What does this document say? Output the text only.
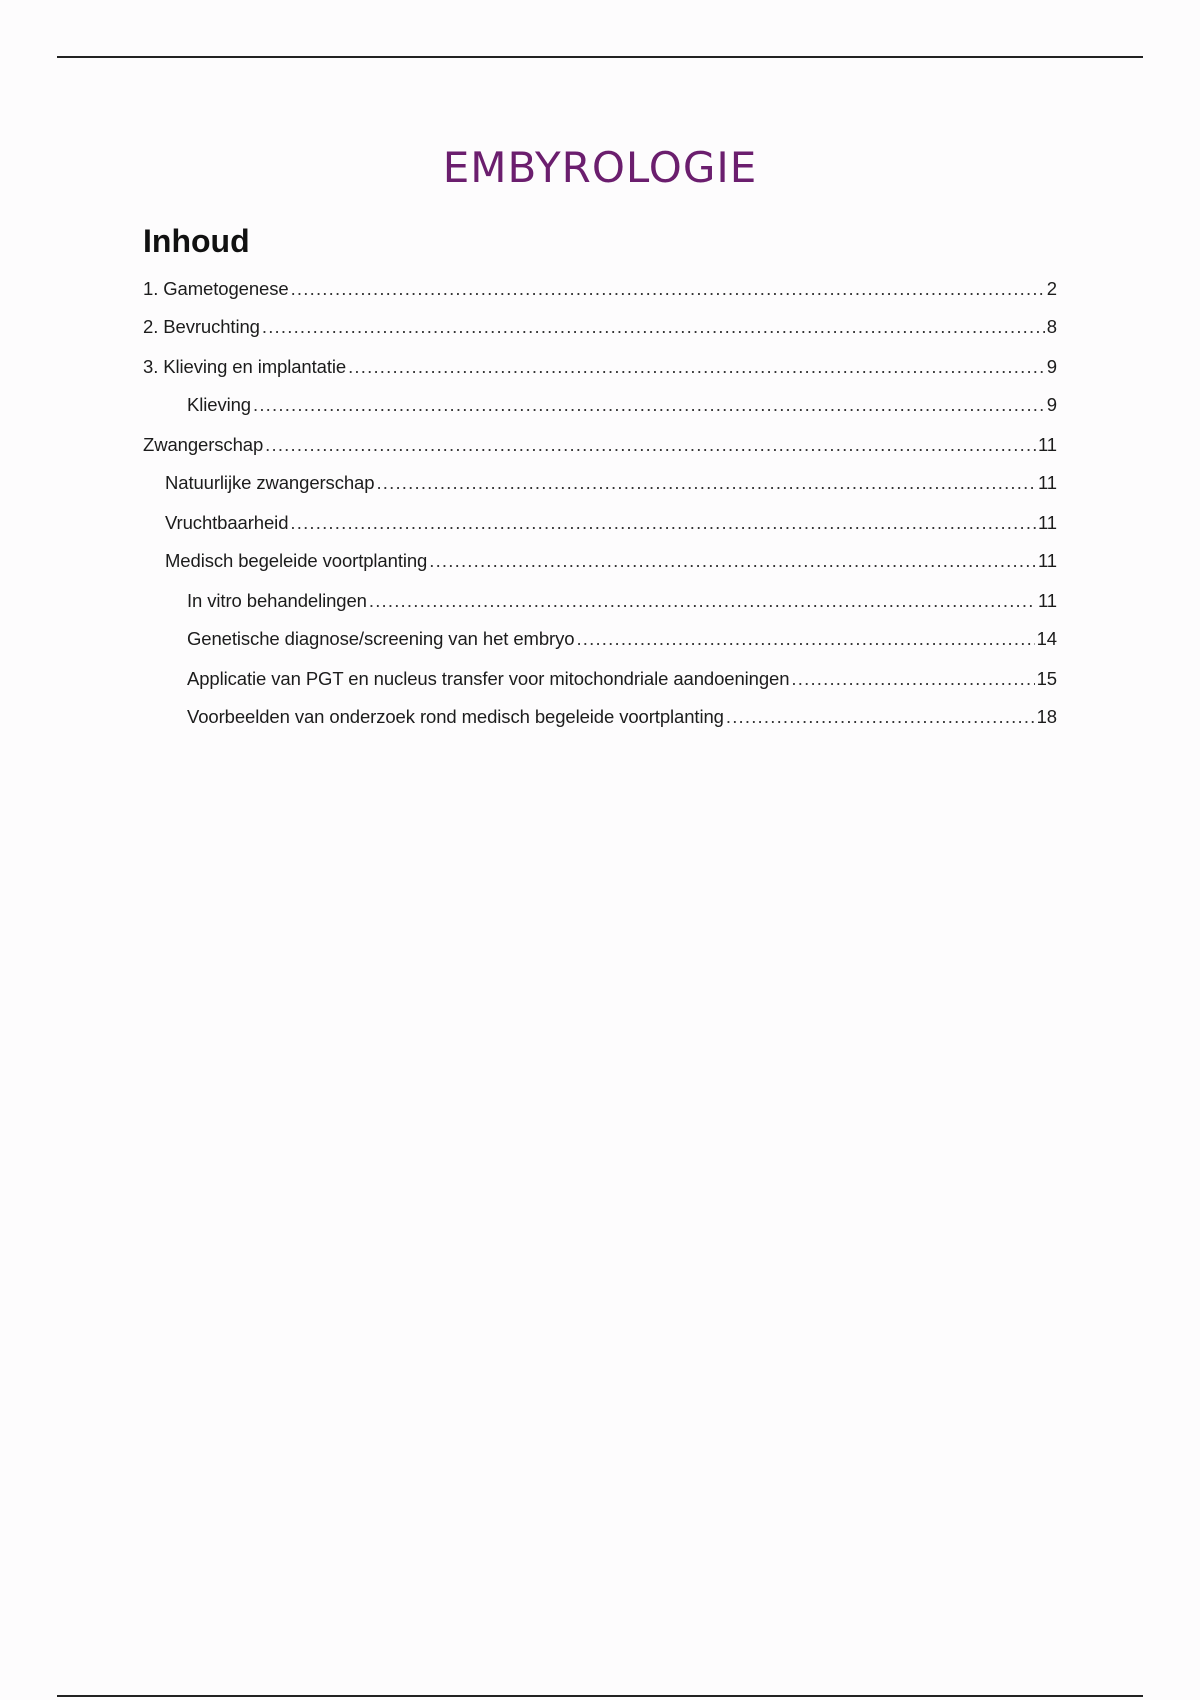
EMBYROLOGIE
Inhoud
1. Gametogenese .....	2
2. Bevruchting .....	8
3. Klieving en implantatie .....	9
Klieving .....	9
Zwangerschap .....	11
Natuurlijke zwangerschap .....	11
Vruchtbaarheid .....	11
Medisch begeleide voortplanting .....	11
In vitro behandelingen .....	11
Genetische diagnose/screening van het embryo .....	14
Applicatie van PGT en nucleus transfer voor mitochondriale aandoeningen .....	15
Voorbeelden van onderzoek rond medisch begeleide voortplanting .....	18
